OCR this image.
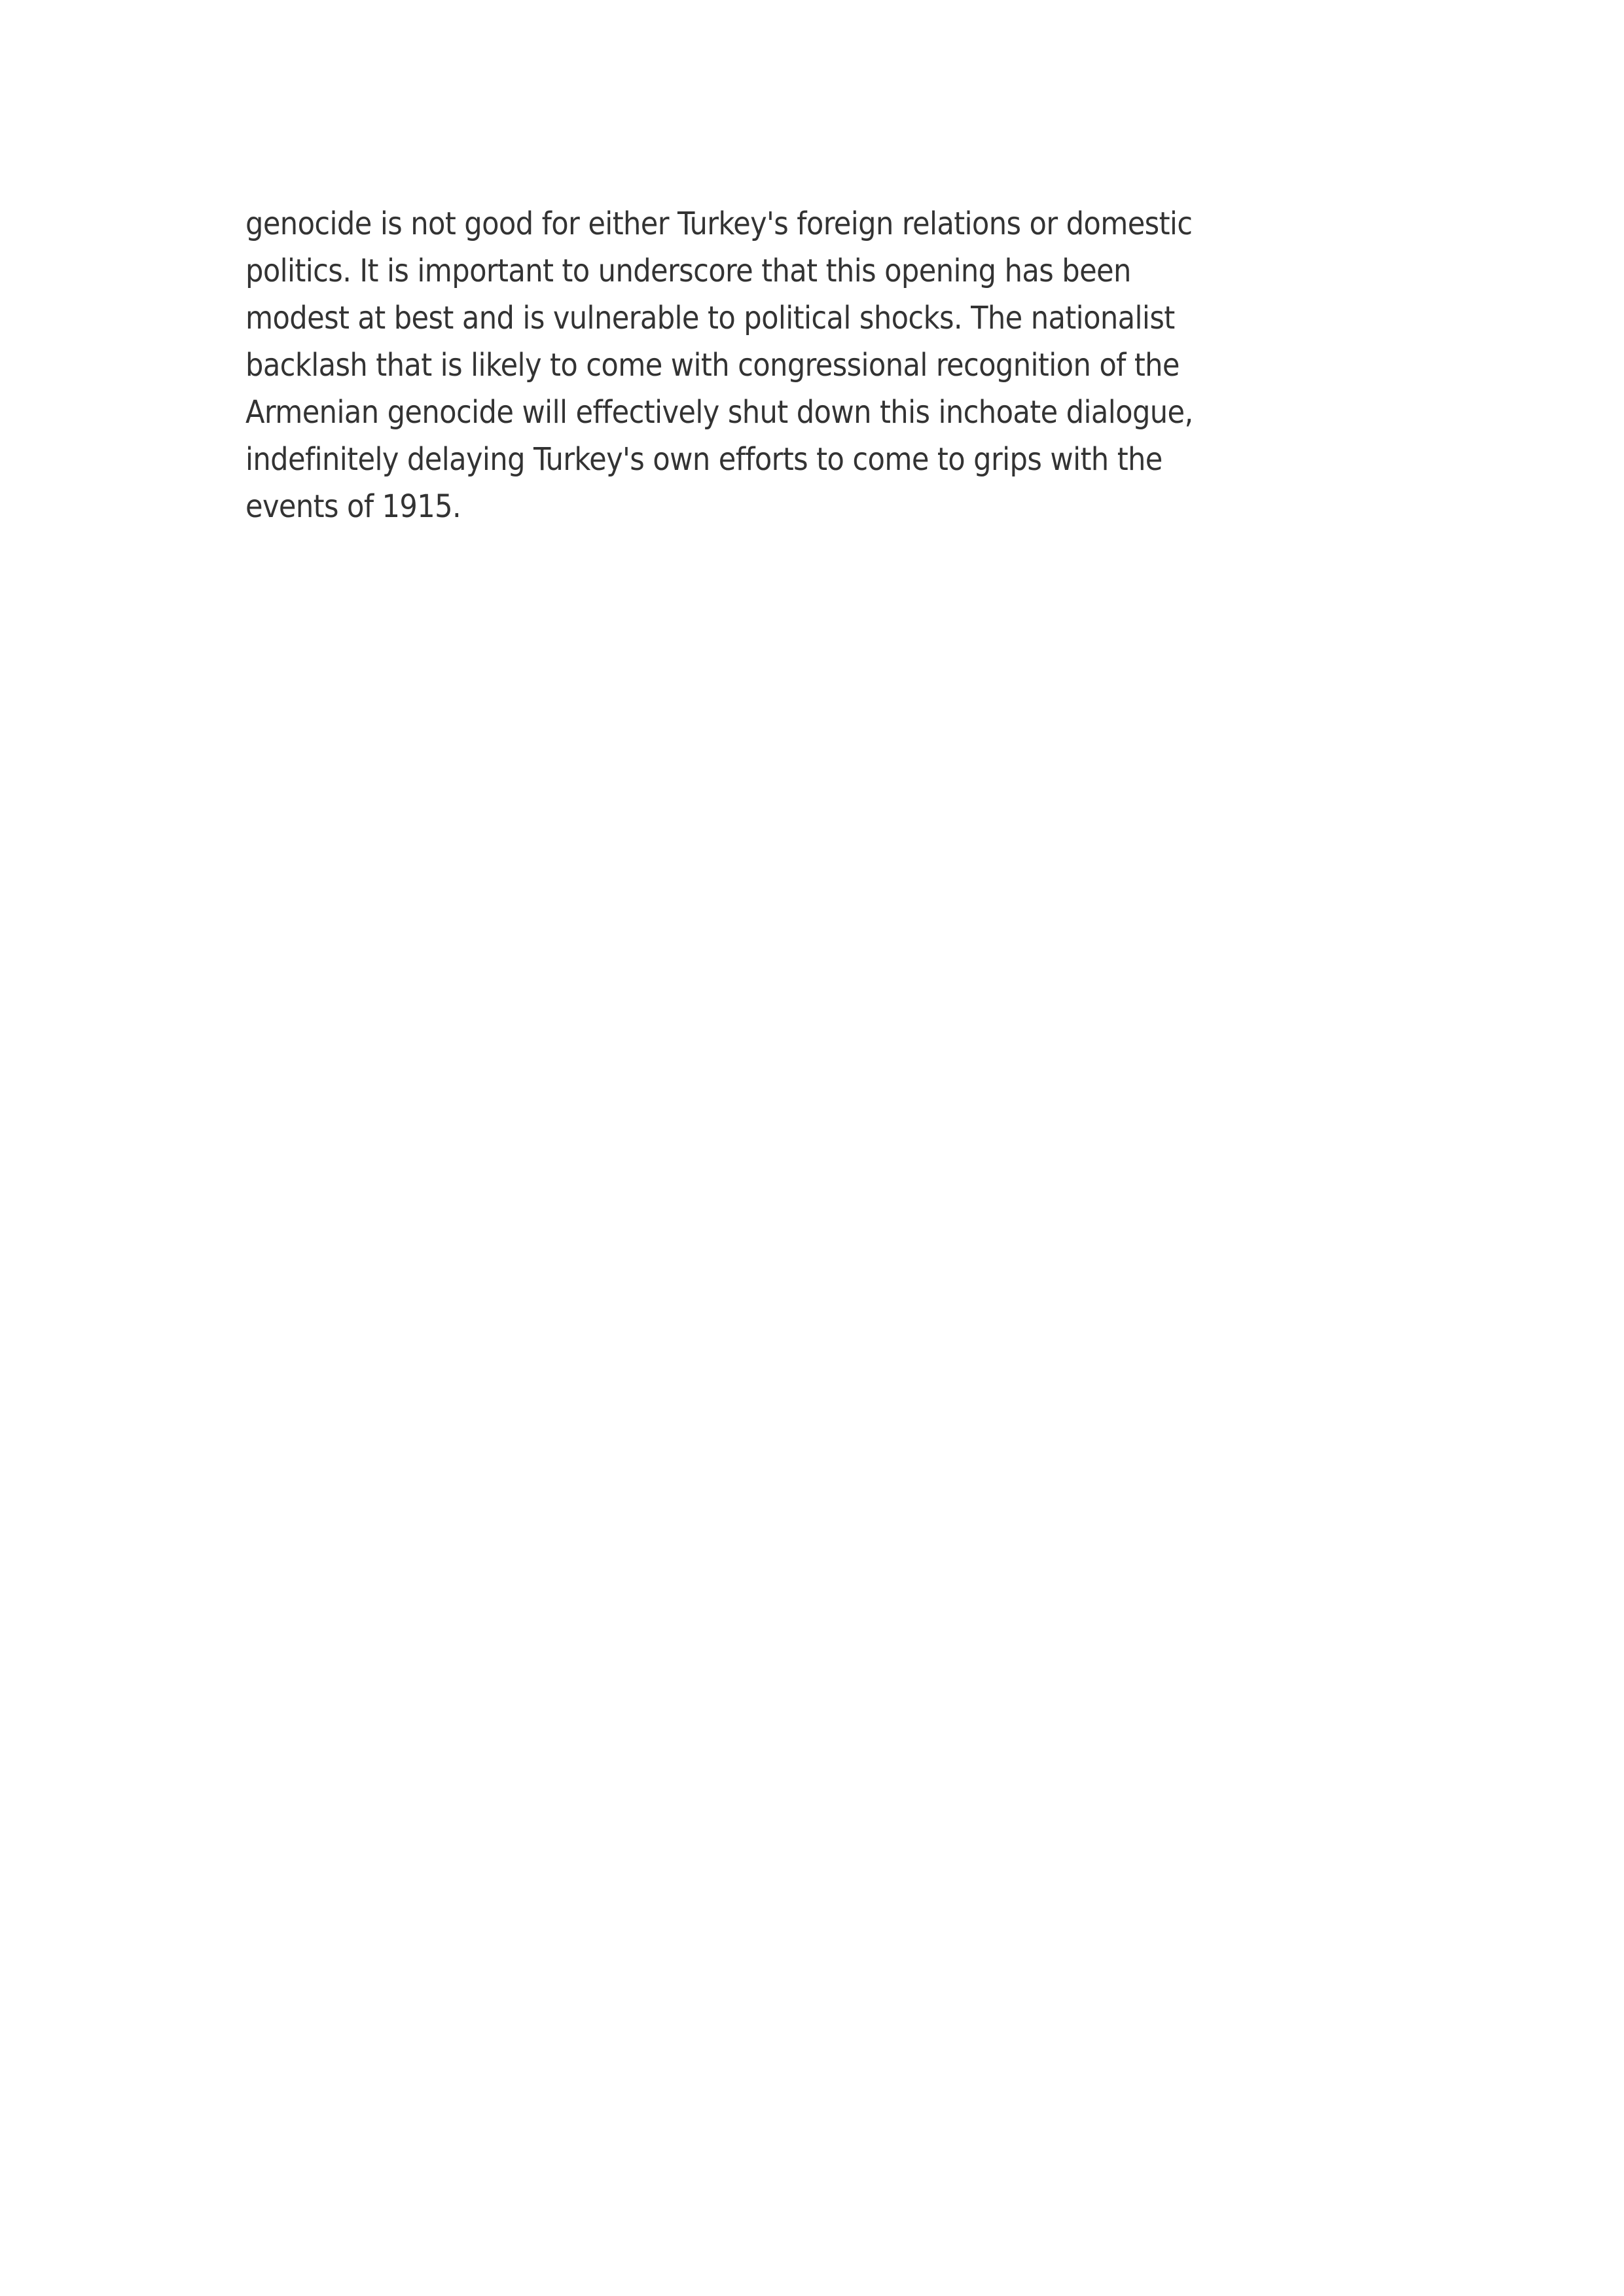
genocide is not good for either Turkey's foreign relations or domestic
politics. It is important to underscore that this opening has been
modest at best and is vulnerable to political shocks. The nationalist
backlash that is likely to come with congressional recognition of the
Armenian genocide will effectively shut down this inchoate dialogue,
indefinitely delaying Turkey's own efforts to come to grips with the
events of 1915.
